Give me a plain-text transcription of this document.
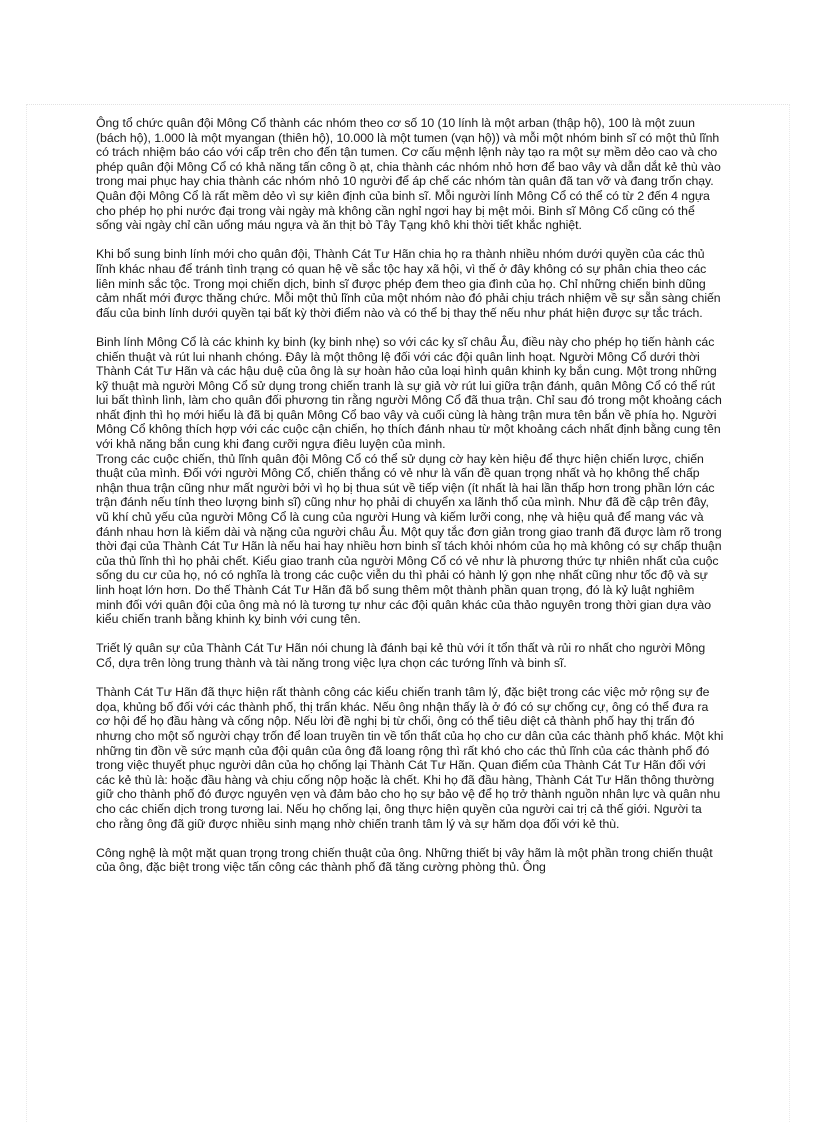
Ông tổ chức quân đội Mông Cổ thành các nhóm theo cơ số 10 (10 lính là một arban (thập hộ), 100 là một zuun (bách hộ), 1.000 là một myangan (thiên hộ), 10.000 là một tumen (vạn hộ)) và mỗi một nhóm binh sĩ có một thủ lĩnh có trách nhiệm báo cáo với cấp trên cho đến tận tumen. Cơ cấu mệnh lệnh này tạo ra một sự mềm dẻo cao và cho phép quân đội Mông Cổ có khả năng tấn công ồ ạt, chia thành các nhóm nhỏ hơn để bao vây và dẫn dắt kẻ thù vào trong mai phục hay chia thành các nhóm nhỏ 10 người để áp chế các nhóm tàn quân đã tan vỡ và đang trốn chạy. Quân đội Mông Cổ là rất mềm dẻo vì sự kiên định của binh sĩ. Mỗi người lính Mông Cổ có thể có từ 2 đến 4 ngựa cho phép họ phi nước đại trong vài ngày mà không cần nghỉ ngơi hay bị mệt mỏi. Binh sĩ Mông Cổ cũng có thể sống vài ngày chỉ cần uống máu ngựa và ăn thịt bò Tây Tạng khô khi thời tiết khắc nghiệt.

Khi bổ sung binh lính mới cho quân đội, Thành Cát Tư Hãn chia họ ra thành nhiều nhóm dưới quyền của các thủ lĩnh khác nhau để tránh tình trạng có quan hệ về sắc tộc hay xã hội, vì thế ở đây không có sự phân chia theo các liên minh sắc tộc. Trong mọi chiến dịch, binh sĩ được phép đem theo gia đình của họ. Chỉ những chiến binh dũng cảm nhất mới được thăng chức. Mỗi một thủ lĩnh của một nhóm nào đó phải chịu trách nhiệm về sự sẵn sàng chiến đấu của binh lính dưới quyền tại bất kỳ thời điểm nào và có thể bị thay thế nếu như phát hiện được sự tắc trách.

Binh lính Mông Cổ là các khinh kỵ binh (kỵ binh nhẹ) so với các kỵ sĩ châu Âu, điều này cho phép họ tiến hành các chiến thuật và rút lui nhanh chóng. Đây là một thông lệ đối với các đội quân linh hoạt. Người Mông Cổ dưới thời Thành Cát Tư Hãn và các hậu duệ của ông là sự hoàn hảo của loại hình quân khinh kỵ bắn cung. Một trong những kỹ thuật mà người Mông Cổ sử dụng trong chiến tranh là sự giả vờ rút lui giữa trận đánh, quân Mông Cổ có thể rút lui bất thình lình, làm cho quân đối phương tin rằng người Mông Cổ đã thua trận. Chỉ sau đó trong một khoảng cách nhất định thì họ mới hiểu là đã bị quân Mông Cổ bao vây và cuối cùng là hàng trận mưa tên bắn về phía họ. Người Mông Cổ không thích hợp với các cuộc cận chiến, họ thích đánh nhau từ một khoảng cách nhất định bằng cung tên với khả năng bắn cung khi đang cưỡi ngựa điêu luyện của mình.

Trong các cuộc chiến, thủ lĩnh quân đội Mông Cổ có thể sử dụng cờ hay kèn hiệu để thực hiện chiến lược, chiến thuật của mình. Đối với người Mông Cổ, chiến thắng có vẻ như là vấn đề quan trọng nhất và họ không thể chấp nhận thua trận cũng như mất người bởi vì họ bị thua sút về tiếp viện (ít nhất là hai lần thấp hơn trong phần lớn các trận đánh nếu tính theo lượng binh sĩ) cũng như họ phải di chuyển xa lãnh thổ của mình. Như đã đề cập trên đây, vũ khí chủ yếu của người Mông Cổ là cung của người Hung và kiếm lưỡi cong, nhẹ và hiệu quả để mang vác và đánh nhau hơn là kiếm dài và nặng của người châu Âu. Một quy tắc đơn giản trong giao tranh đã được làm rõ trong thời đại của Thành Cát Tư Hãn là nếu hai hay nhiều hơn binh sĩ tách khỏi nhóm của họ mà không có sự chấp thuận của thủ lĩnh thì họ phải chết. Kiểu giao tranh của người Mông Cổ có vẻ như là phương thức tự nhiên nhất của cuộc sống du cư của họ, nó có nghĩa là trong các cuộc viễn du thì phải có hành lý gọn nhẹ nhất cũng như tốc độ và sự linh hoạt lớn hơn. Do thế Thành Cát Tư Hãn đã bổ sung thêm một thành phần quan trọng, đó là kỷ luật nghiêm minh đối với quân đội của ông mà nó là tương tự như các đội quân khác của thảo nguyên trong thời gian dựa vào kiểu chiến tranh bằng khinh kỵ binh với cung tên.

Triết lý quân sự của Thành Cát Tư Hãn nói chung là đánh bại kẻ thù với ít tổn thất và rủi ro nhất cho người Mông Cổ, dựa trên lòng trung thành và tài năng trong việc lựa chọn các tướng lĩnh và binh sĩ.

Thành Cát Tư Hãn đã thực hiện rất thành công các kiểu chiến tranh tâm lý, đặc biệt trong các việc mở rộng sự đe dọa, khủng bố đối với các thành phố, thị trấn khác. Nếu ông nhận thấy là ở đó có sự chống cự, ông có thể đưa ra cơ hội để họ đầu hàng và cống nộp. Nếu lời đề nghị bị từ chối, ông có thể tiêu diệt cả thành phố hay thị trấn đó nhưng cho một số người chạy trốn để loan truyền tin về tổn thất của họ cho cư dân của các thành phố khác. Một khi những tin đồn về sức mạnh của đội quân của ông đã loang rộng thì rất khó cho các thủ lĩnh của các thành phố đó trong việc thuyết phục người dân của họ chống lại Thành Cát Tư Hãn. Quan điểm của Thành Cát Tư Hãn đối với các kẻ thù là: hoặc đầu hàng và chịu cống nộp hoặc là chết. Khi họ đã đầu hàng, Thành Cát Tư Hãn thông thường giữ cho thành phố đó được nguyên vẹn và đảm bảo cho họ sự bảo vệ để họ trở thành nguồn nhân lực và quân nhu cho các chiến dịch trong tương lai. Nếu họ chống lại, ông thực hiện quyền của người cai trị cả thế giới. Người ta cho rằng ông đã giữ được nhiều sinh mạng nhờ chiến tranh tâm lý và sự hăm dọa đối với kẻ thù.

Công nghệ là một mặt quan trọng trong chiến thuật của ông. Những thiết bị vây hãm là một phần trong chiến thuật của ông, đặc biệt trong việc tấn công các thành phố đã tăng cường phòng thủ. Ông
